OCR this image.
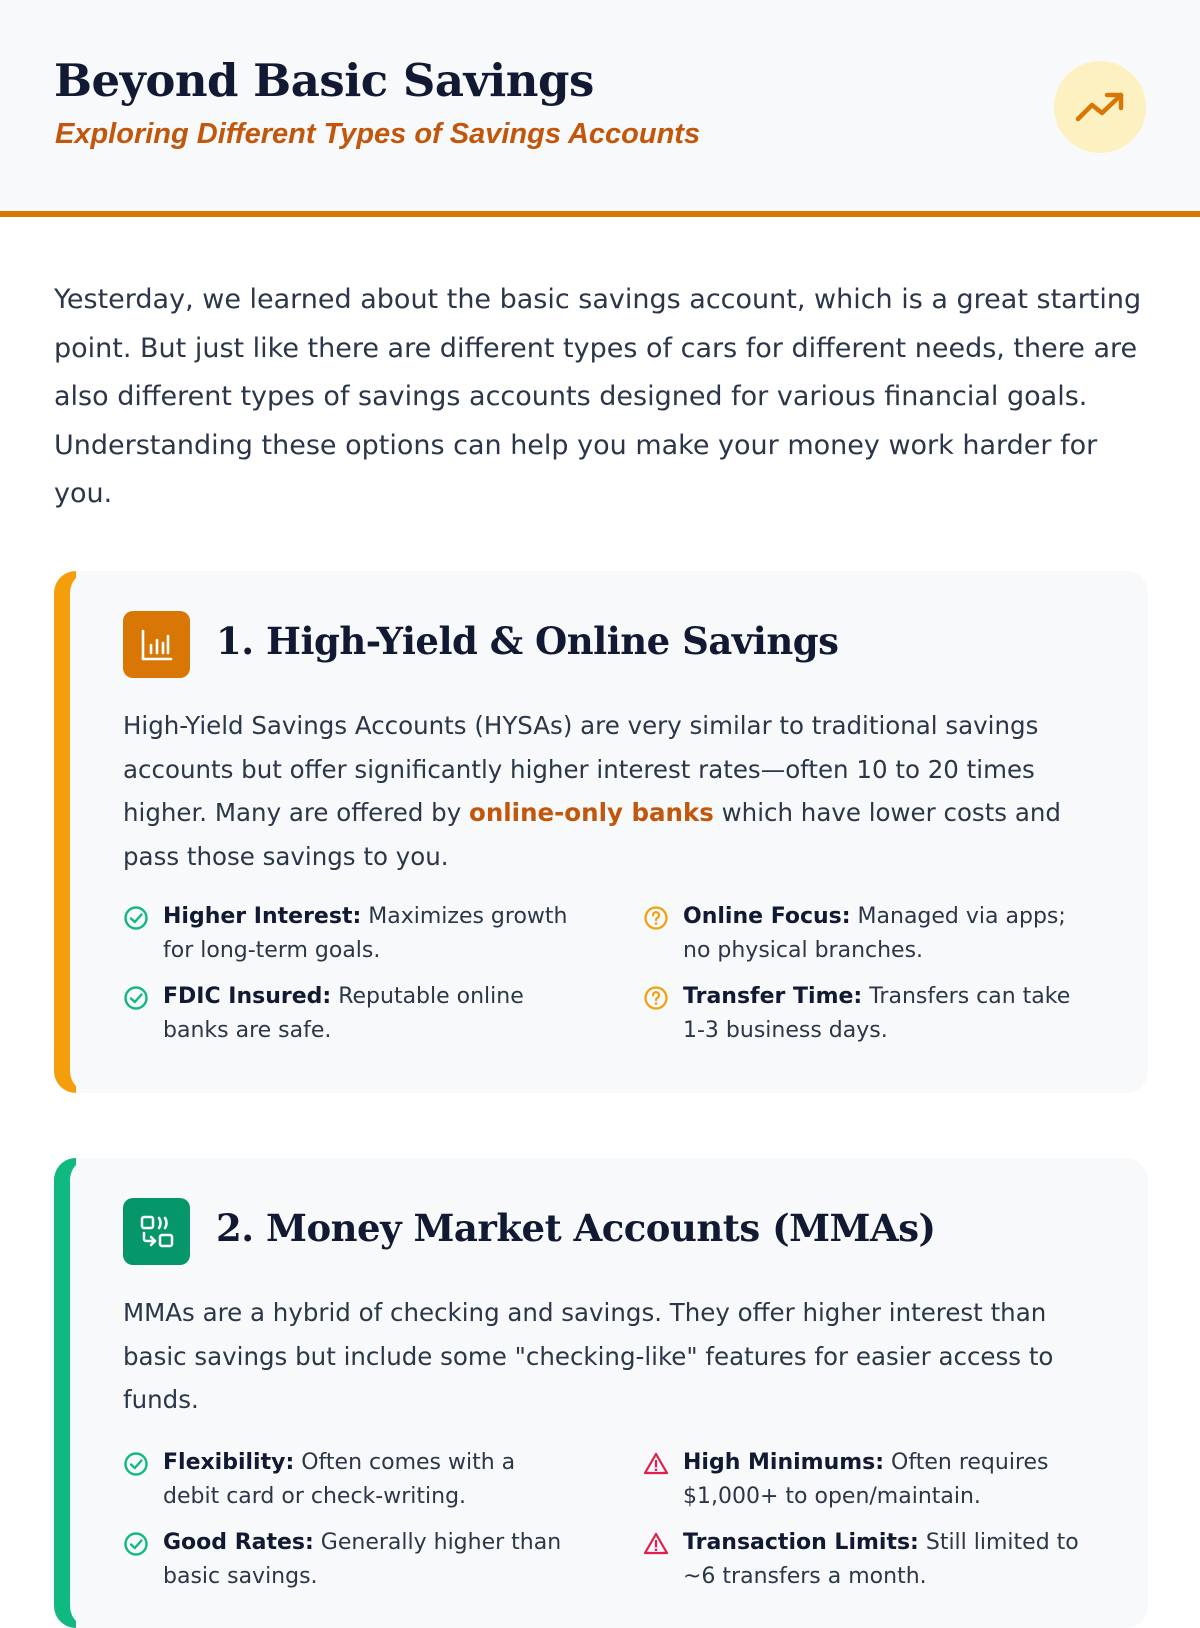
Beyond Basic Savings
Exploring Different Types of Savings Accounts

Yesterday, we learned about the basic savings account, which is a great starting point. But just like there are different types of cars for different needs, there are also different types of savings accounts designed for various financial goals. Understanding these options can help you make your money work harder for you.

1. High-Yield & Online Savings

High-Yield Savings Accounts (HYSAs) are very similar to traditional savings accounts but offer significantly higher interest rates—often 10 to 20 times higher. Many are offered by online-only banks which have lower costs and pass those savings to you.

Higher Interest: Maximizes growth for long-term goals.
Online Focus: Managed via apps; no physical branches.
FDIC Insured: Reputable online banks are safe.
Transfer Time: Transfers can take 1-3 business days.
2. Money Market Accounts (MMAs)

MMAs are a hybrid of checking and savings. They offer higher interest than basic savings but include some "checking-like" features for easier access to funds.

Flexibility: Often comes with a debit card or check-writing.
High Minimums: Often requires $1,000+ to open/maintain.
Good Rates: Generally higher than basic savings.
Transaction Limits: Still limited to ~6 transfers a month.
